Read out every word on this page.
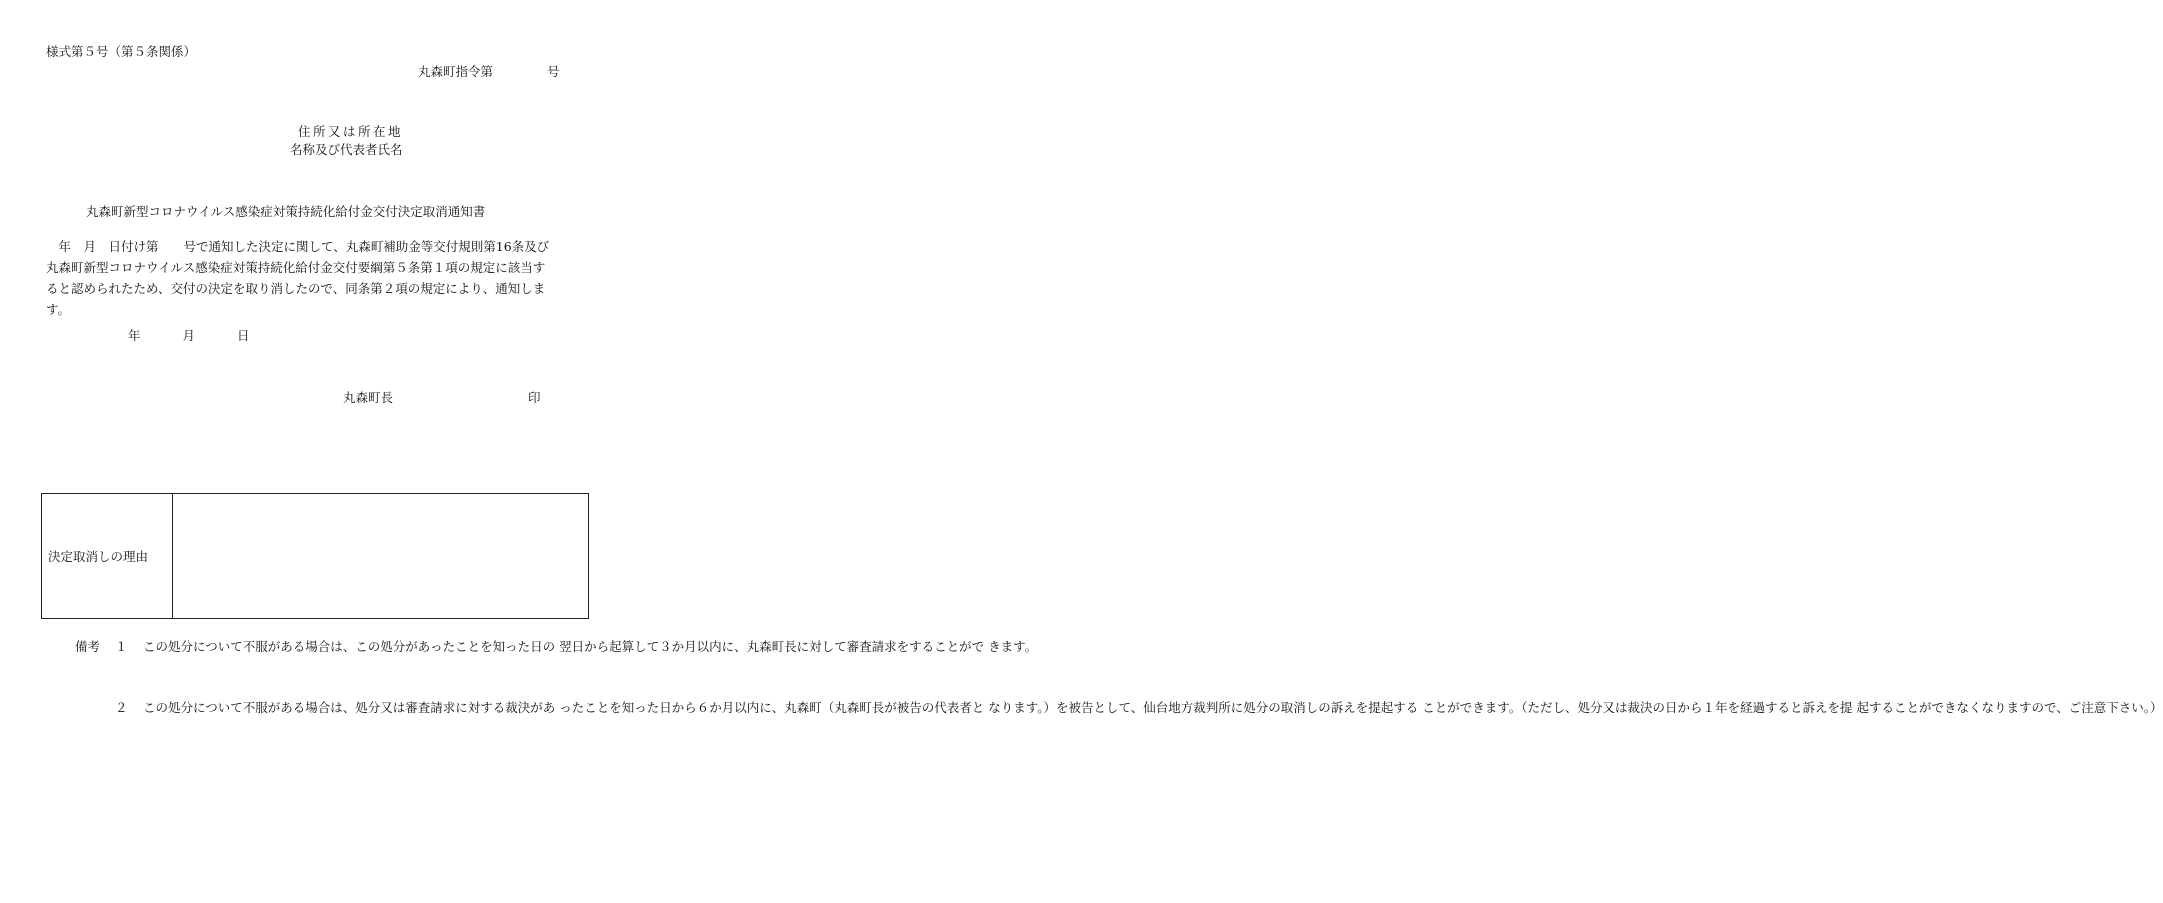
様式第５号（第５条関係）
丸森町指令第	号
住所又は所在地
名称及び代表者氏名
丸森町新型コロナウイルス感染症対策持続化給付金交付決定取消通知書
　年　月　日付け第　　号で通知した決定に関して、丸森町補助金等交付規則第16条及び
丸森町新型コロナウイルス感染症対策持続化給付金交付要綱第５条第１項の規定に該当す
ると認められたため、交付の決定を取り消したので、同条第２項の規定により、通知しま
す。
年	月	日
丸森町長	印
決定取消しの理由	
備考 １	この処分について不服がある場合は、この処分があったことを知った日の 翌日から起算して３か月以内に、丸森町長に対して審査請求をすることがで きます。
２	この処分について不服がある場合は、処分又は審査請求に対する裁決があ ったことを知った日から６か月以内に、丸森町（丸森町長が被告の代表者と なります。）を被告として、仙台地方裁判所に処分の取消しの訴えを提起する ことができます。（ただし、処分又は裁決の日から１年を経過すると訴えを提 起することができなくなりますので、ご注意下さい。）
